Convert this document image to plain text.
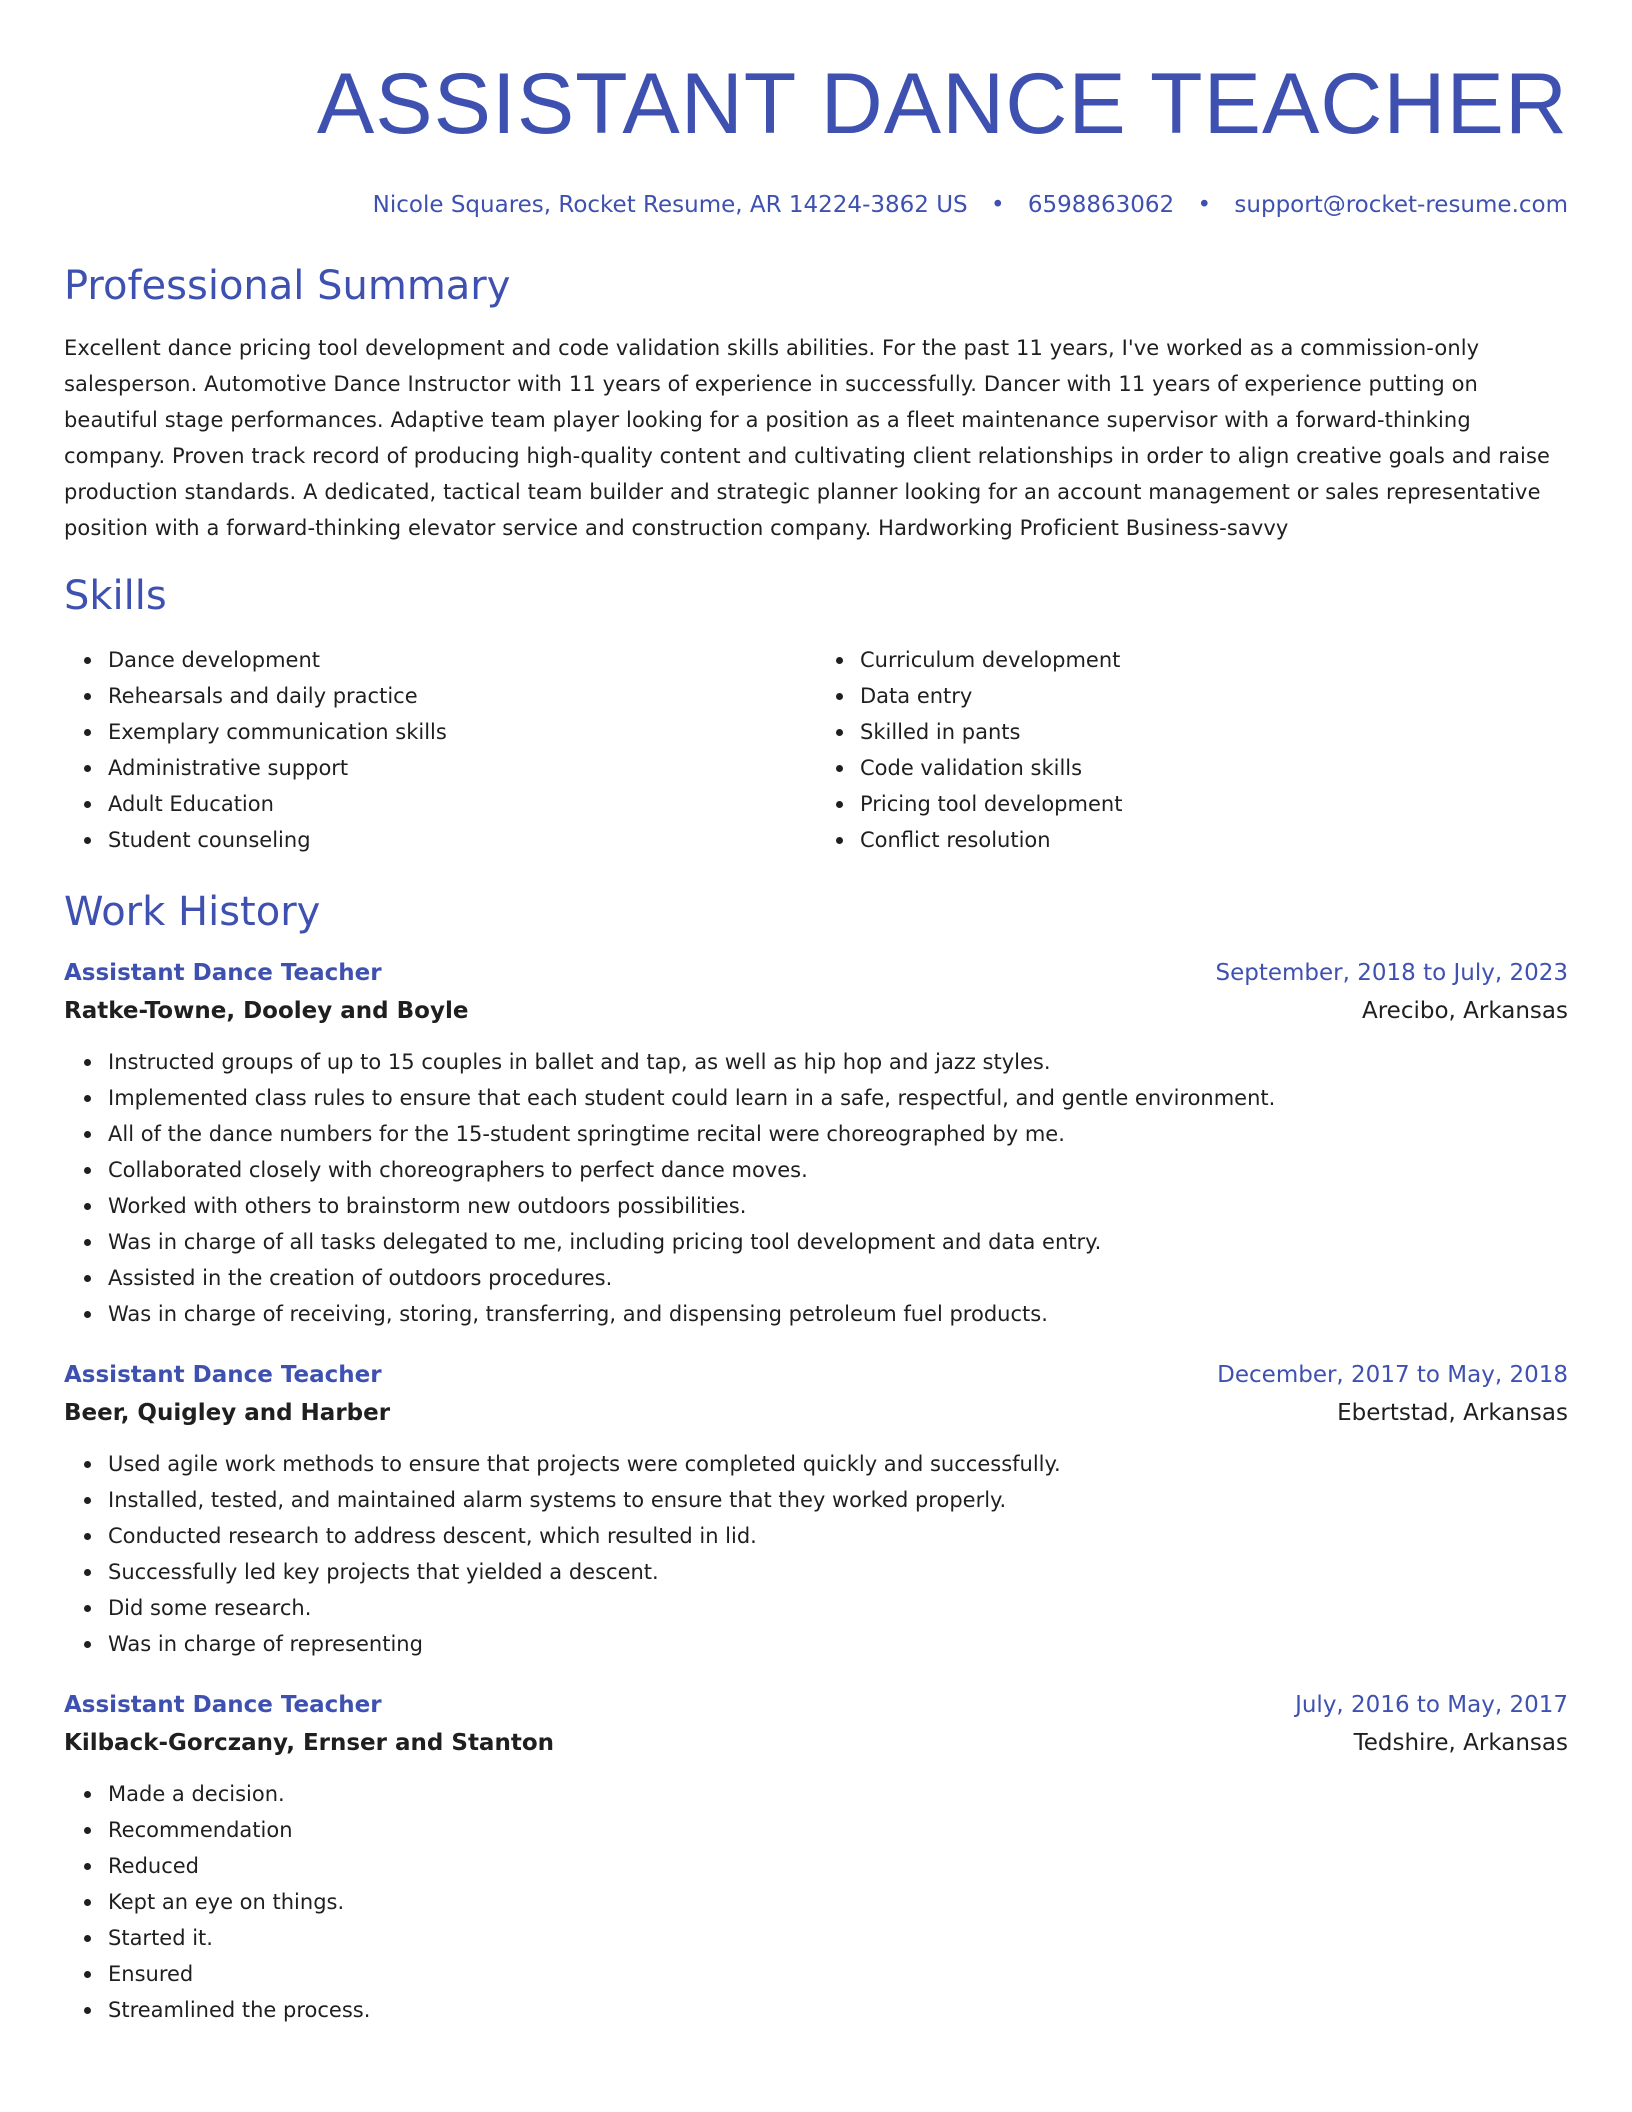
ASSISTANT DANCE TEACHER
Nicole Squares, Rocket Resume, AR 14224-3862 US • 6598863062 • support@rocket-resume.com
Professional Summary

Excellent dance pricing tool development and code validation skills abilities. For the past 11 years, I've worked as a commission-only salesperson. Automotive Dance Instructor with 11 years of experience in successfully. Dancer with 11 years of experience putting on beautiful stage performances. Adaptive team player looking for a position as a fleet maintenance supervisor with a forward-thinking company. Proven track record of producing high-quality content and cultivating client relationships in order to align creative goals and raise production standards. A dedicated, tactical team builder and strategic planner looking for an account management or sales representative position with a forward-thinking elevator service and construction company. Hardworking Proficient Business-savvy

Skills
Dance development
Rehearsals and daily practice
Exemplary communication skills
Administrative support
Adult Education
Student counseling
Curriculum development
Data entry
Skilled in pants
Code validation skills
Pricing tool development
Conflict resolution
Work History
Assistant Dance Teacher	September, 2018 to July, 2023
Ratke-Towne, Dooley and Boyle	Arecibo, Arkansas
Instructed groups of up to 15 couples in ballet and tap, as well as hip hop and jazz styles.
Implemented class rules to ensure that each student could learn in a safe, respectful, and gentle environment.
All of the dance numbers for the 15-student springtime recital were choreographed by me.
Collaborated closely with choreographers to perfect dance moves.
Worked with others to brainstorm new outdoors possibilities.
Was in charge of all tasks delegated to me, including pricing tool development and data entry.
Assisted in the creation of outdoors procedures.
Was in charge of receiving, storing, transferring, and dispensing petroleum fuel products.
Assistant Dance Teacher	December, 2017 to May, 2018
Beer, Quigley and Harber	Ebertstad, Arkansas
Used agile work methods to ensure that projects were completed quickly and successfully.
Installed, tested, and maintained alarm systems to ensure that they worked properly.
Conducted research to address descent, which resulted in lid.
Successfully led key projects that yielded a descent.
Did some research.
Was in charge of representing
Assistant Dance Teacher	July, 2016 to May, 2017
Kilback-Gorczany, Ernser and Stanton	Tedshire, Arkansas
Made a decision.
Recommendation
Reduced
Kept an eye on things.
Started it.
Ensured
Streamlined the process.
